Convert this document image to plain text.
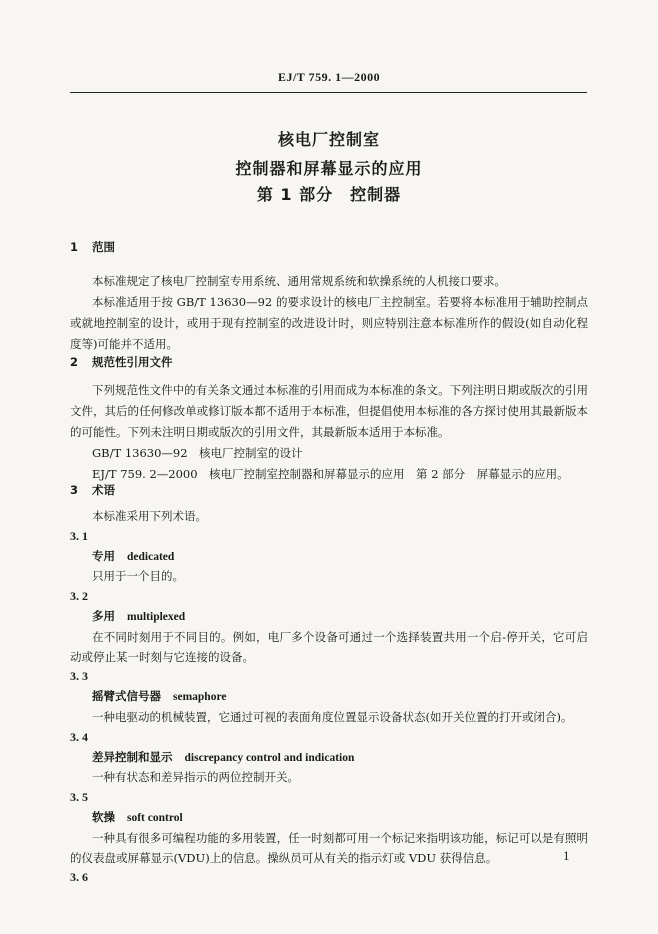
EJ/T 759. 1—2000
核电厂控制室
控制器和屏幕显示的应用
第 1 部分　控制器
1 范围
本标准规定了核电厂控制室专用系统、通用常规系统和软操系统的人机接口要求。
本标准适用于按 GB/T 13630—92 的要求设计的核电厂主控制室。若要将本标准用于辅助控制点或就地控制室的设计，或用于现有控制室的改进设计时，则应特别注意本标准所作的假设(如自动化程度等)可能并不适用。
2 规范性引用文件
下列规范性文件中的有关条文通过本标准的引用而成为本标准的条文。下列注明日期或版次的引用文件，其后的任何修改单或修订版本都不适用于本标准，但提倡使用本标准的各方探讨使用其最新版本的可能性。下列未注明日期或版次的引用文件，其最新版本适用于本标准。
GB/T 13630—92　核电厂控制室的设计
EJ/T 759. 2—2000　核电厂控制室控制器和屏幕显示的应用　第 2 部分　屏幕显示的应用。
3 术语
本标准采用下列术语。
3. 1
专用 dedicated
只用于一个目的。
3. 2
多用 multiplexed
在不同时刻用于不同目的。例如，电厂多个设备可通过一个选择装置共用一个启-停开关，它可启动或停止某一时刻与它连接的设备。
3. 3
摇臂式信号器 semaphore
一种电驱动的机械装置，它通过可视的表面角度位置显示设备状态(如开关位置的打开或闭合)。
3. 4
差异控制和显示 discrepancy control and indication
一种有状态和差异指示的两位控制开关。
3. 5
软操 soft control
一种具有很多可编程功能的多用装置，任一时刻都可用一个标记来指明该功能，标记可以是有照明的仪表盘或屏幕显示(VDU)上的信息。操纵员可从有关的指示灯或 VDU 获得信息。
3. 6
1
